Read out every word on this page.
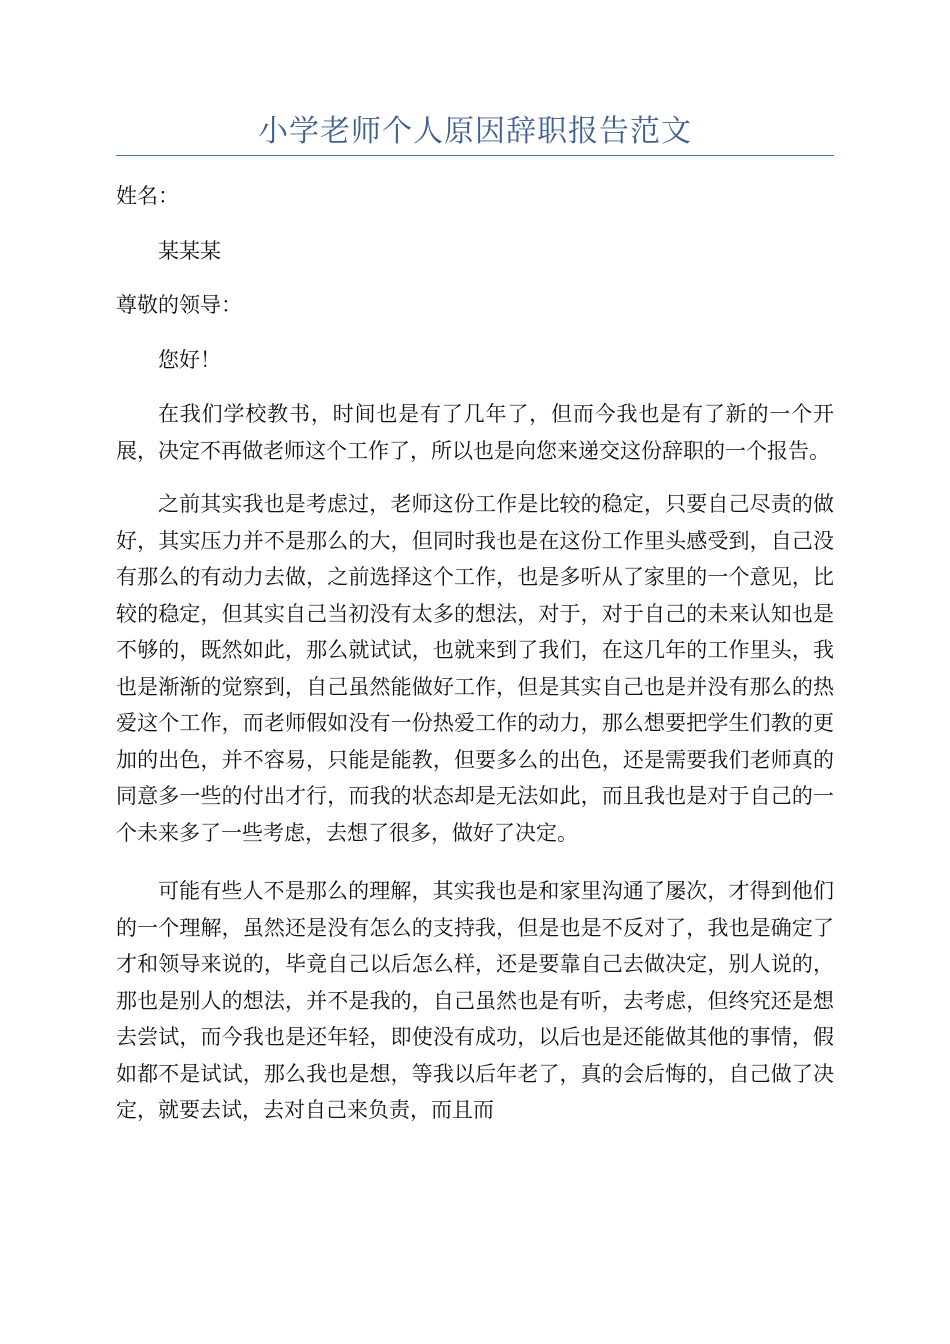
小学老师个人原因辞职报告范文

姓名：

某某某

尊敬的领导：

您好！

在我们学校教书，时间也是有了几年了，但而今我也是有了新的一个开展，决定不再做老师这个工作了，所以也是向您来递交这份辞职的一个报告。

之前其实我也是考虑过，老师这份工作是比较的稳定，只要自己尽责的做好，其实压力并不是那么的大，但同时我也是在这份工作里头感受到，自己没有那么的有动力去做，之前选择这个工作，也是多听从了家里的一个意见，比较的稳定，但其实自己当初没有太多的想法，对于，对于自己的未来认知也是不够的，既然如此，那么就试试，也就来到了我们，在这几年的工作里头，我也是渐渐的觉察到，自己虽然能做好工作，但是其实自己也是并没有那么的热爱这个工作，而老师假如没有一份热爱工作的动力，那么想要把学生们教的更加的出色，并不容易，只能是能教，但要多么的出色，还是需要我们老师真的同意多一些的付出才行，而我的状态却是无法如此，而且我也是对于自己的一个未来多了一些考虑，去想了很多，做好了决定。

可能有些人不是那么的理解，其实我也是和家里沟通了屡次，才得到他们的一个理解，虽然还是没有怎么的支持我，但是也是不反对了，我也是确定了才和领导来说的，毕竟自己以后怎么样，还是要靠自己去做决定，别人说的，那也是别人的想法，并不是我的，自己虽然也是有听，去考虑，但终究还是想去尝试，而今我也是还年轻，即使没有成功，以后也是还能做其他的事情，假如都不是试试，那么我也是想，等我以后年老了，真的会后悔的，自己做了决定，就要去试，去对自己来负责，而且而
